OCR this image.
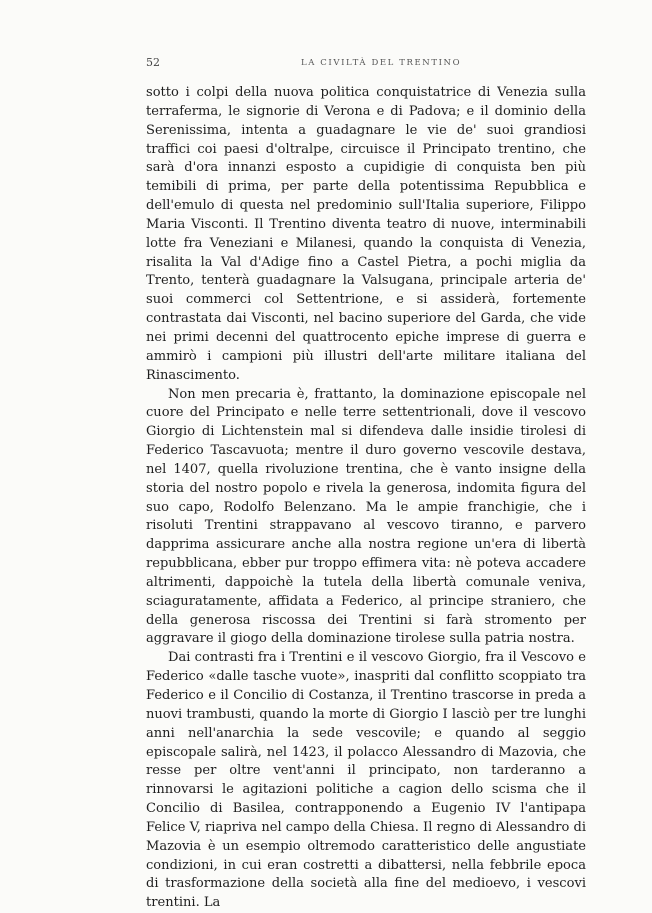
52	LA CIVILTÀ DEL TRENTINO

sotto i colpi della nuova politica conquistatrice di Venezia sulla terraferma, le signorie di Verona e di Padova; e il dominio della Serenissima, intenta a guadagnare le vie de' suoi grandiosi traffici coi paesi d'oltralpe, circuisce il Principato trentino, che sarà d'ora innanzi esposto a cupidigie di conquista ben più temibili di prima, per parte della potentissima Repubblica e dell'emulo di questa nel predominio sull'Italia superiore, Filippo Maria Visconti. Il Trentino diventa teatro di nuove, interminabili lotte fra Veneziani e Milanesi, quando la conquista di Venezia, risalita la Val d'Adige fino a Castel Pietra, a pochi miglia da Trento, tenterà guadagnare la Valsugana, principale arteria de' suoi commerci col Settentrione, e si assiderà, fortemente contrastata dai Visconti, nel bacino superiore del Garda, che vide nei primi decenni del quattrocento epiche imprese di guerra e ammirò i campioni più illustri dell'arte militare italiana del Rinascimento.

Non men precaria è, frattanto, la dominazione episcopale nel cuore del Principato e nelle terre settentrionali, dove il vescovo Giorgio di Lichtenstein mal si difendeva dalle insidie tirolesi di Federico Tascavuota; mentre il duro governo vescovile destava, nel 1407, quella rivoluzione trentina, che è vanto insigne della storia del nostro popolo e rivela la generosa, indomita figura del suo capo, Rodolfo Belenzano. Ma le ampie franchigie, che i risoluti Trentini strappavano al vescovo tiranno, e parvero dapprima assicurare anche alla nostra regione un'era di libertà repubblicana, ebber pur troppo effimera vita: nè poteva accadere altrimenti, dappoichè la tutela della libertà comunale veniva, sciaguratamente, affidata a Federico, al principe straniero, che della generosa riscossa dei Trentini si farà stromento per aggravare il giogo della dominazione tirolese sulla patria nostra.

Dai contrasti fra i Trentini e il vescovo Giorgio, fra il Vescovo e Federico «dalle tasche vuote», inaspriti dal conflitto scoppiato tra Federico e il Concilio di Costanza, il Trentino trascorse in preda a nuovi trambusti, quando la morte di Giorgio I lasciò per tre lunghi anni nell'anarchia la sede vescovile; e quando al seggio episcopale salirà, nel 1423, il polacco Alessandro di Mazovia, che resse per oltre vent'anni il principato, non tarderanno a rinnovarsi le agitazioni politiche a cagion dello scisma che il Concilio di Basilea, contrapponendo a Eugenio IV l'antipapa Felice V, riapriva nel campo della Chiesa. Il regno di Alessandro di Mazovia è un esempio oltremodo caratteristico delle angustiate condizioni, in cui eran costretti a dibattersi, nella febbrile epoca di trasformazione della società alla fine del medioevo, i vescovi trentini. La
